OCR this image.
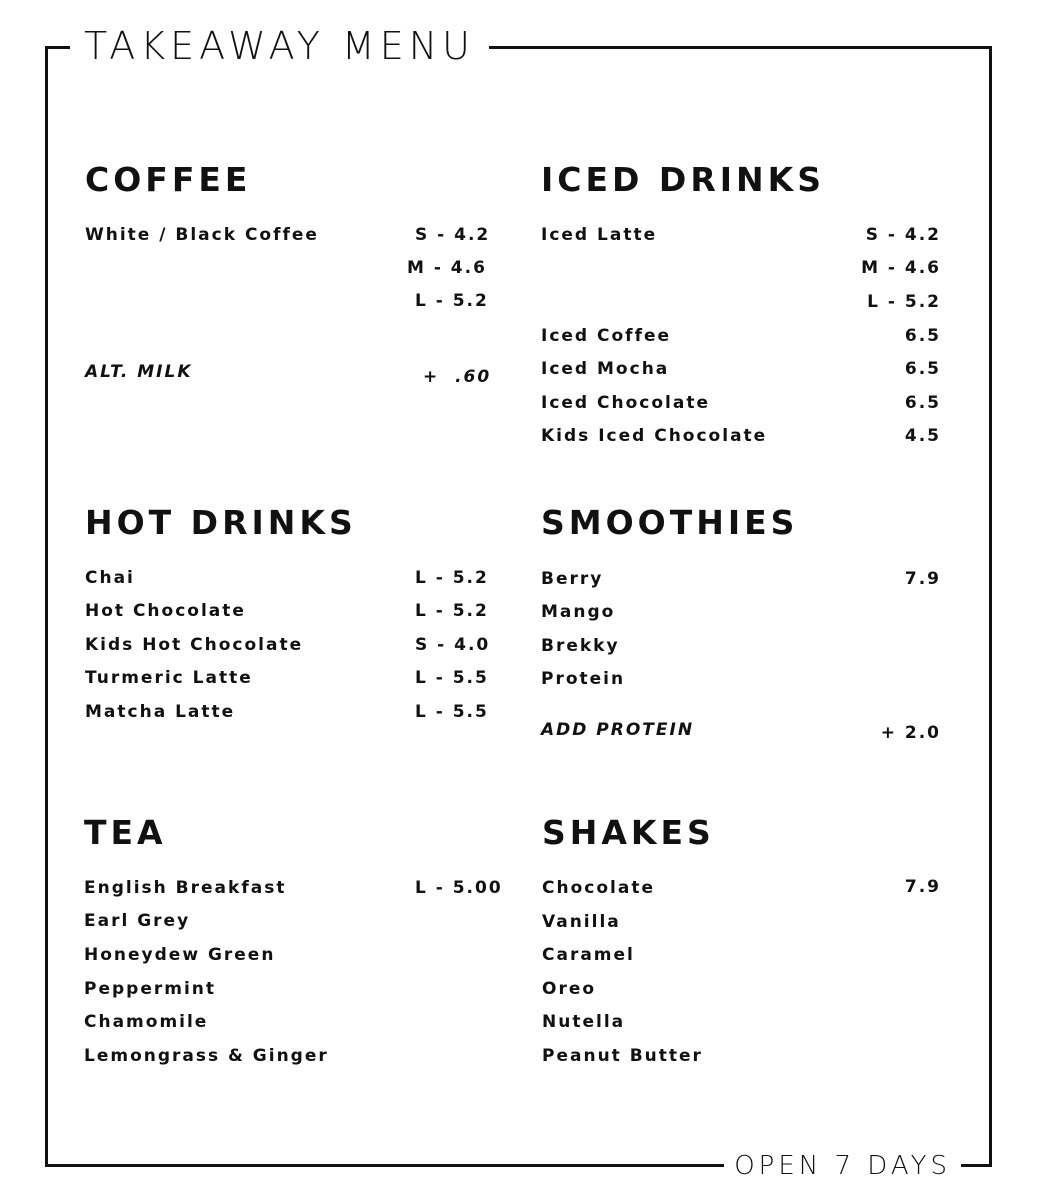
TAKEAWAY MENU
OPEN 7 DAYS
COFFEE
White / Black Coffee	S - 4.2
M - 4.6
L - 5.2
ALT. MILK	+  .60
ICED DRINKS
Iced Latte	S - 4.2
M - 4.6
L - 5.2
Iced Coffee	6.5
Iced Mocha	6.5
Iced Chocolate	6.5
Kids Iced Chocolate	4.5
HOT DRINKS
Chai	L - 5.2
Hot Chocolate	L - 5.2
Kids Hot Chocolate	S - 4.0
Turmeric Latte	L - 5.5
Matcha Latte	L - 5.5
SMOOTHIES
Berry	7.9
Mango
Brekky
Protein
ADD PROTEIN	+ 2.0
TEA
English Breakfast	L - 5.00
Earl Grey
Honeydew Green
Peppermint
Chamomile
Lemongrass & Ginger
SHAKES
Chocolate	7.9
Vanilla
Caramel
Oreo
Nutella
Peanut Butter
